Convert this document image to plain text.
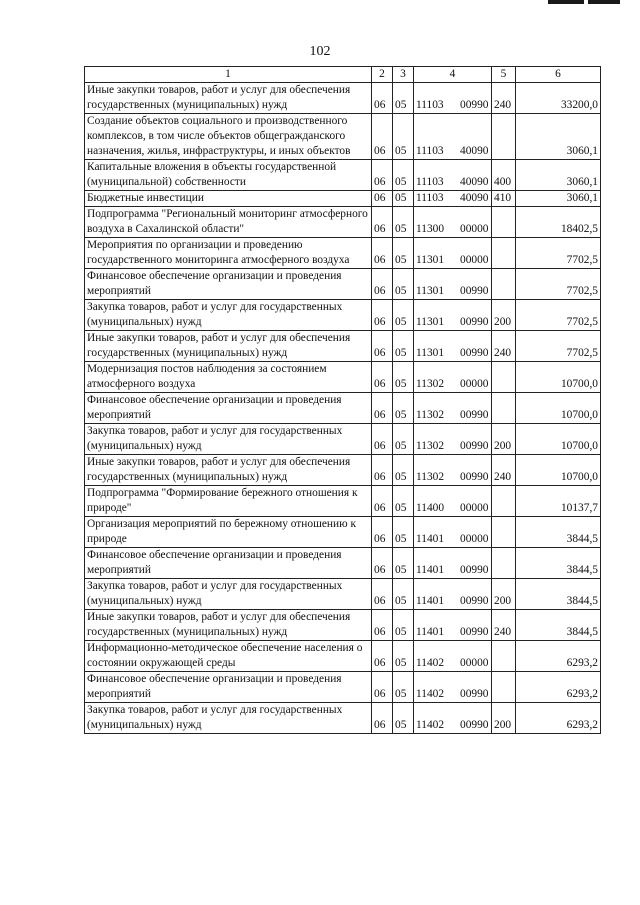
102
1	2	3	4	5	6
Иные закупки товаров, работ и услуг для обеспечения государственных (муниципальных) нужд	06	05	11103 00990	240	33200,0
Создание объектов социального и производственного комплексов, в том числе объектов общегражданского назначения, жилья, инфраструктуры, и иных объектов	06	05	11103 40090		3060,1
Капитальные вложения в объекты государственной (муниципальной) собственности	06	05	11103 40090	400	3060,1
Бюджетные инвестиции	06	05	11103 40090	410	3060,1
Подпрограмма "Региональный мониторинг атмосферного воздуха в Сахалинской области"	06	05	11300 00000		18402,5
Мероприятия по организации и проведению государственного мониторинга атмосферного воздуха	06	05	11301 00000		7702,5
Финансовое обеспечение организации и проведения мероприятий	06	05	11301 00990		7702,5
Закупка товаров, работ и услуг для государственных (муниципальных) нужд	06	05	11301 00990	200	7702,5
Иные закупки товаров, работ и услуг для обеспечения государственных (муниципальных) нужд	06	05	11301 00990	240	7702,5
Модернизация постов наблюдения за состоянием атмосферного воздуха	06	05	11302 00000		10700,0
Финансовое обеспечение организации и проведения мероприятий	06	05	11302 00990		10700,0
Закупка товаров, работ и услуг для государственных (муниципальных) нужд	06	05	11302 00990	200	10700,0
Иные закупки товаров, работ и услуг для обеспечения государственных (муниципальных) нужд	06	05	11302 00990	240	10700,0
Подпрограмма "Формирование бережного отношения к природе"	06	05	11400 00000		10137,7
Организация мероприятий по бережному отношению к природе	06	05	11401 00000		3844,5
Финансовое обеспечение организации и проведения мероприятий	06	05	11401 00990		3844,5
Закупка товаров, работ и услуг для государственных (муниципальных) нужд	06	05	11401 00990	200	3844,5
Иные закупки товаров, работ и услуг для обеспечения государственных (муниципальных) нужд	06	05	11401 00990	240	3844,5
Информационно-методическое обеспечение населения о состоянии окружающей среды	06	05	11402 00000		6293,2
Финансовое обеспечение организации и проведения мероприятий	06	05	11402 00990		6293,2
Закупка товаров, работ и услуг для государственных (муниципальных) нужд	06	05	11402 00990	200	6293,2
